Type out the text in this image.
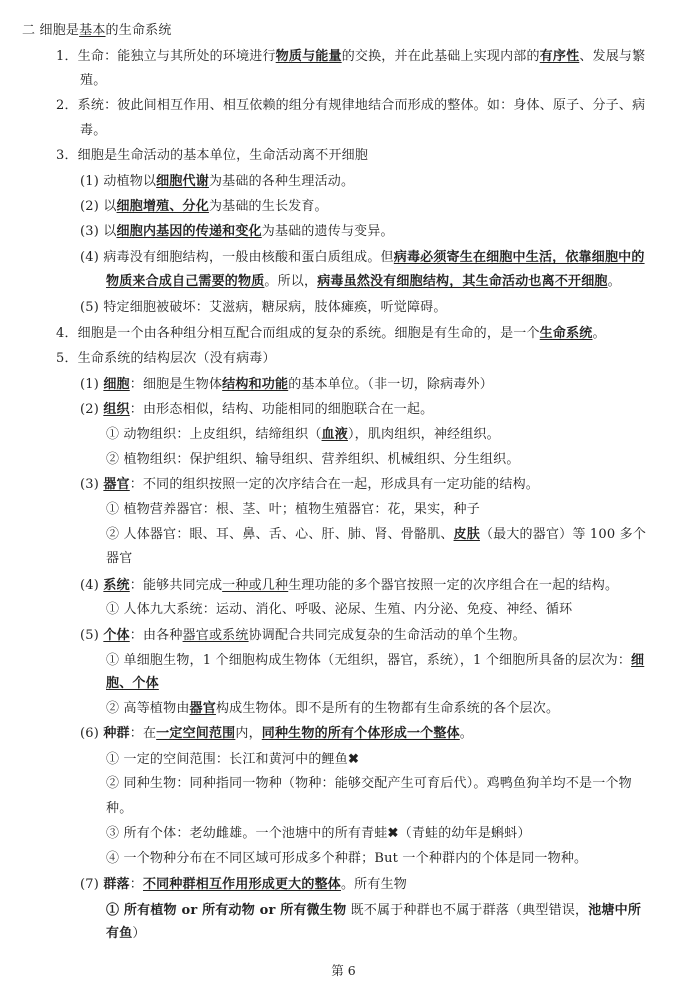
二 细胞是基本的生命系统
1．生命：能独立与其所处的环境进行物质与能量的交换，并在此基础上实现内部的有序性、发展与繁
殖。
2．系统：彼此间相互作用、相互依赖的组分有规律地结合而形成的整体。如：身体、原子、分子、病
毒。
3．细胞是生命活动的基本单位，生命活动离不开细胞
(1) 动植物以细胞代谢为基础的各种生理活动。
(2) 以细胞增殖、分化为基础的生长发育。
(3) 以细胞内基因的传递和变化为基础的遗传与变异。
(4) 病毒没有细胞结构，一般由核酸和蛋白质组成。但病毒必须寄生在细胞中生活，依靠细胞中的
物质来合成自己需要的物质。所以，病毒虽然没有细胞结构，其生命活动也离不开细胞。
(5) 特定细胞被破坏：艾滋病，糖尿病，肢体瘫痪，听觉障碍。
4．细胞是一个由各种组分相互配合而组成的复杂的系统。细胞是有生命的，是一个生命系统。
5．生命系统的结构层次（没有病毒）
(1) 细胞：细胞是生物体结构和功能的基本单位。（非一切，除病毒外）
(2) 组织：由形态相似，结构、功能相同的细胞联合在一起。
① 动物组织：上皮组织，结缔组织（血液），肌肉组织，神经组织。
② 植物组织：保护组织、输导组织、营养组织、机械组织、分生组织。
(3) 器官：不同的组织按照一定的次序结合在一起，形成具有一定功能的结构。
① 植物营养器官：根、茎、叶；植物生殖器官：花，果实，种子
② 人体器官：眼、耳、鼻、舌、心、肝、肺、肾、骨骼肌、皮肤（最大的器官）等 100 多个
器官
(4) 系统：能够共同完成一种或几种生理功能的多个器官按照一定的次序组合在一起的结构。
① 人体九大系统：运动、消化、呼吸、泌尿、生殖、内分泌、免疫、神经、循环
(5) 个体：由各种器官或系统协调配合共同完成复杂的生命活动的单个生物。
① 单细胞生物，1 个细胞构成生物体（无组织，器官，系统），1 个细胞所具备的层次为：细
胞、个体
② 高等植物由器官构成生物体。即不是所有的生物都有生命系统的各个层次。
(6) 种群：在一定空间范围内，同种生物的所有个体形成一个整体。
① 一定的空间范围：长江和黄河中的鲤鱼✖
② 同种生物：同种指同一物种（物种：能够交配产生可育后代）。鸡鸭鱼狗羊均不是一个物
种。
③ 所有个体：老幼雌雄。一个池塘中的所有青蛙✖（青蛙的幼年是蝌蚪）
④ 一个物种分布在不同区域可形成多个种群；But 一个种群内的个体是同一物种。
(7) 群落：不同种群相互作用形成更大的整体。所有生物
① 所有植物 or 所有动物 or 所有微生物 既不属于种群也不属于群落（典型错误，池塘中所
有鱼）
第 6
